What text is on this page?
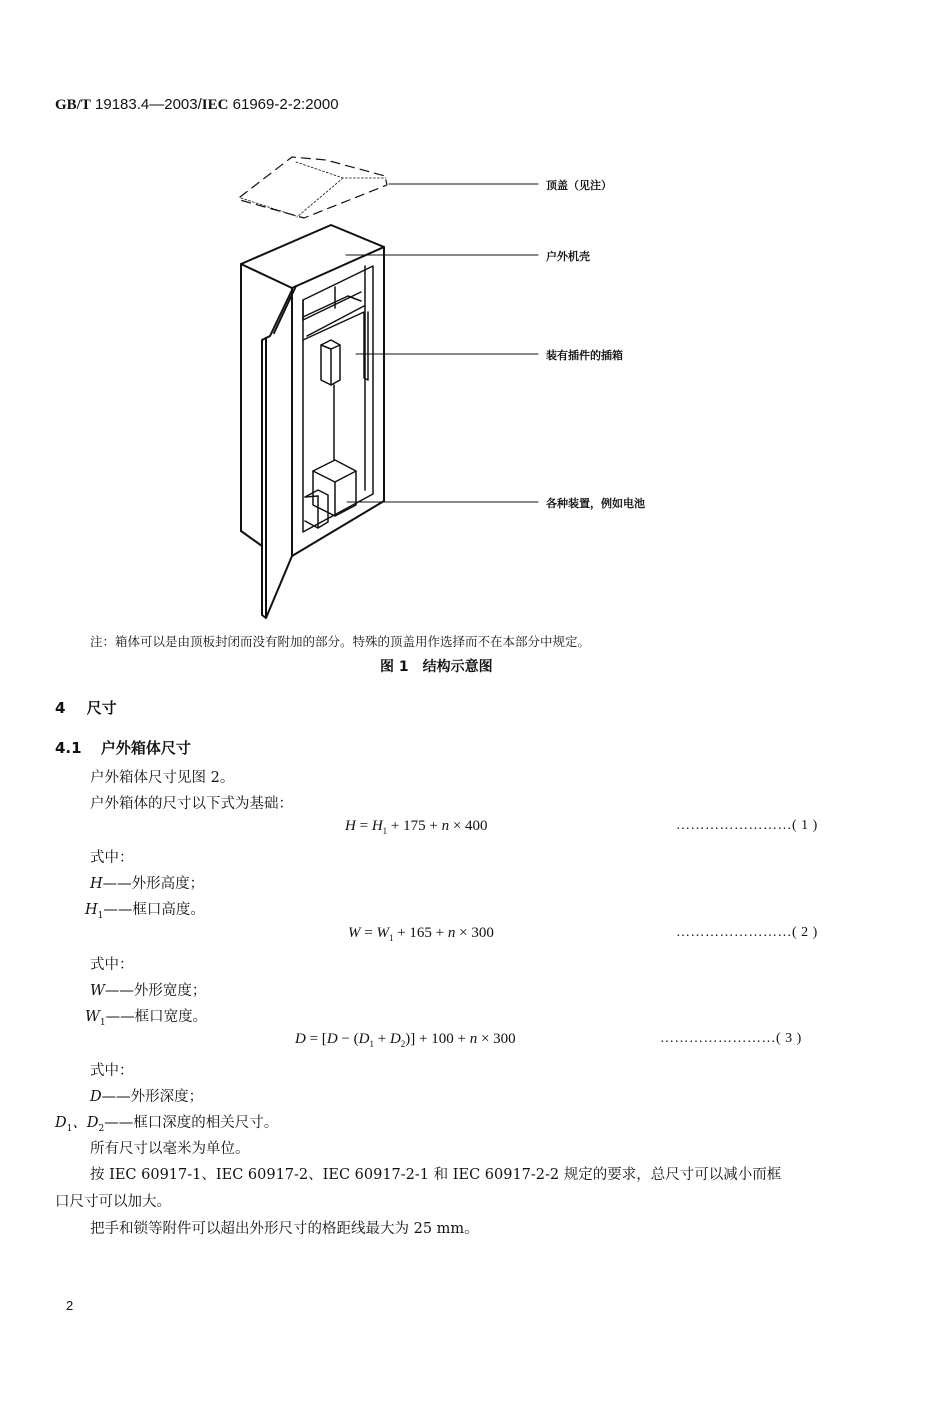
GB/T 19183.4—2003/IEC 61969-2-2:2000
顶盖（见注）
户外机壳
装有插件的插箱
各种装置，例如电池
注：箱体可以是由顶板封闭而没有附加的部分。特殊的顶盖用作选择而不在本部分中规定。
图 1　结构示意图
4 尺寸
4.1 户外箱体尺寸
户外箱体尺寸见图 2。
户外箱体的尺寸以下式为基础：
$H = H_1 + 175 + n \times 400$	……………………( 1 )
式中：
H——外形高度；
$H_1——$框口高度。
$W = W_1 + 165 + n \times 300$	……………………( 2 )
式中：
W——外形宽度；
$W_1——$框口宽度。
$D = [D - (D_1 + D_2)] + 100 + n \times 300$	……………………( 3 )
式中：
D——外形深度；
$D_1$、$D_2——$框口深度的相关尺寸。
所有尺寸以毫米为单位。
按 IEC 60917-1、IEC 60917-2、IEC 60917-2-1 和 IEC 60917-2-2 规定的要求，总尺寸可以减小而框
口尺寸可以加大。
把手和锁等附件可以超出外形尺寸的格距线最大为 25 mm。
2
